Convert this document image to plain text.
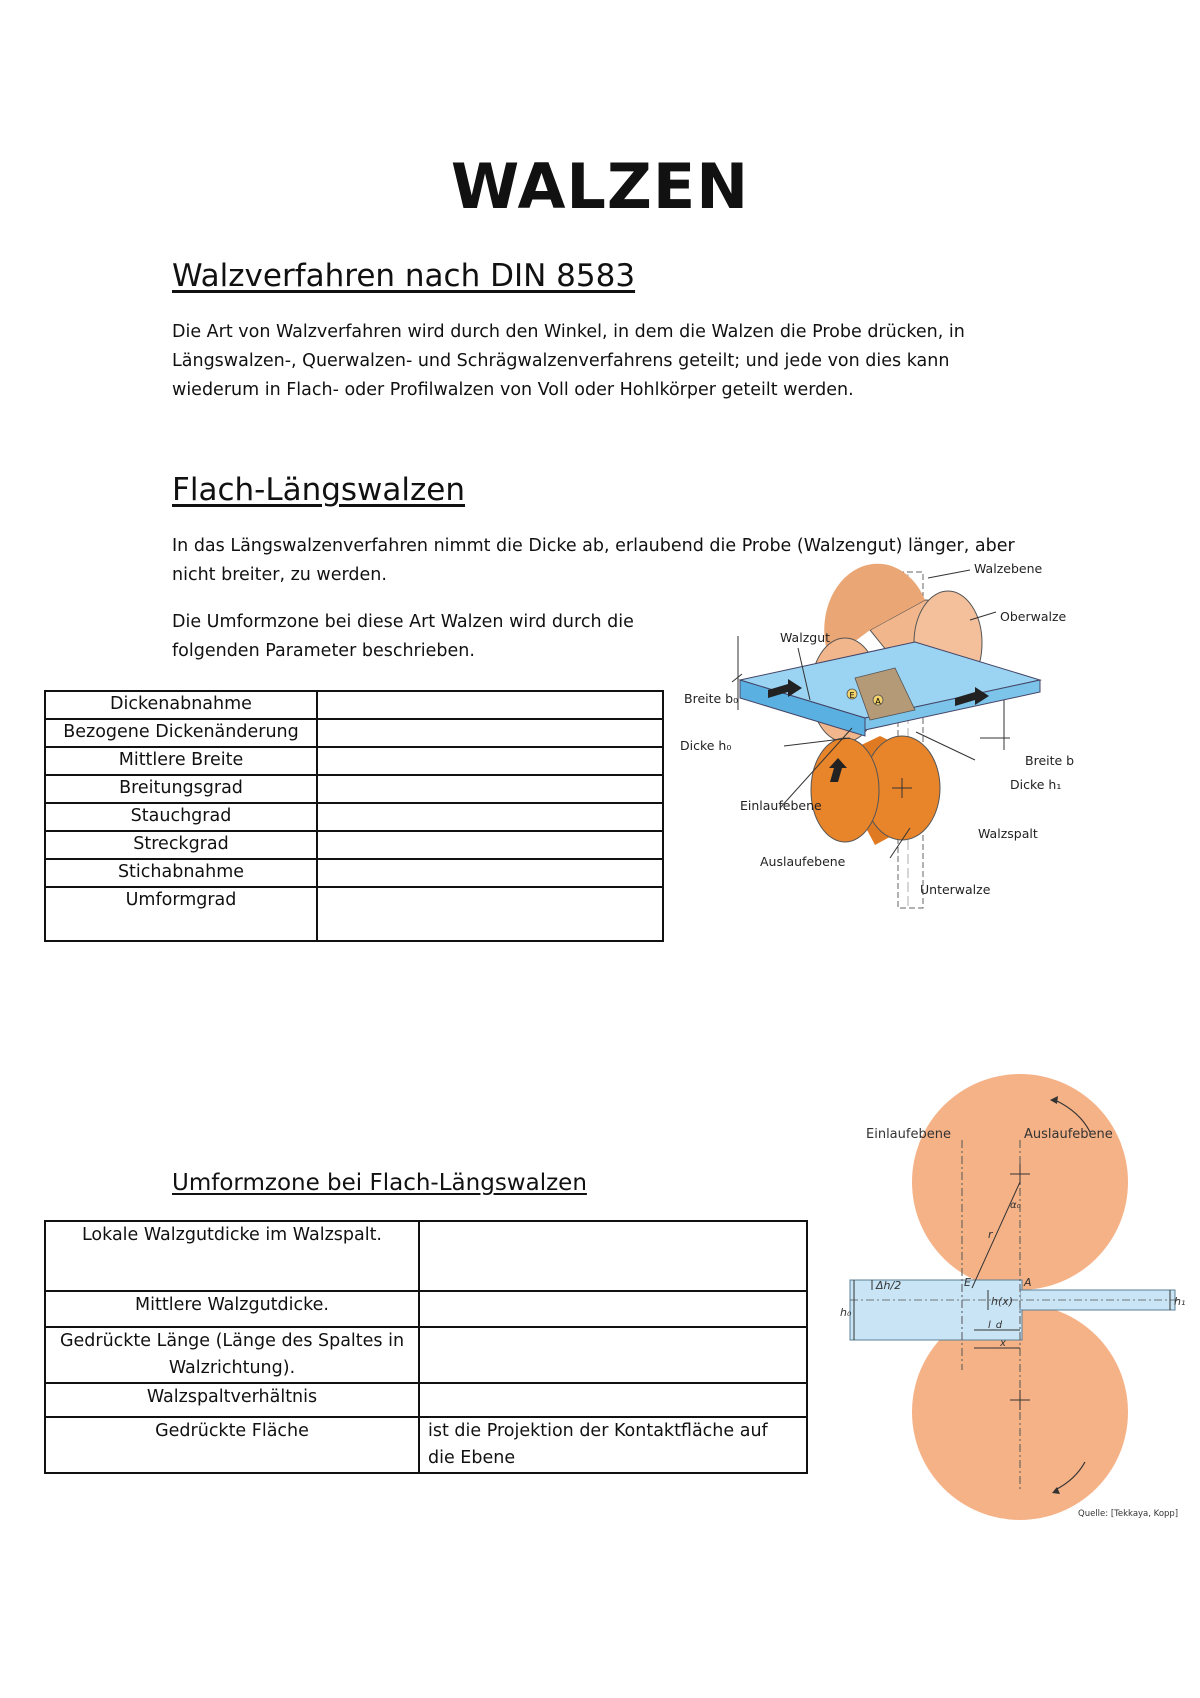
WALZEN
Walzverfahren nach DIN 8583

Die Art von Walzverfahren wird durch den Winkel, in dem die Walzen die Probe drücken, in

Längswalzen-, Querwalzen- und Schrägwalzenverfahrens geteilt; und jede von dies kann

wiederum in Flach- oder Profilwalzen von Voll oder Hohlkörper geteilt werden.

Flach-Längswalzen

In das Längswalzenverfahren nimmt die Dicke ab, erlaubend die Probe (Walzengut) länger, aber

nicht breiter, zu werden.

Die Umformzone bei diese Art Walzen wird durch die

folgenden Parameter beschrieben.

Dickenabnahme	
Bezogene Dickenänderung	
Mittlere Breite	
Breitungsgrad	
Stauchgrad	
Streckgrad	
Stichabnahme	
Umformgrad	
E
A
Walzebene
Oberwalze
Walzgut
Breite b₀
Dicke h₀
Breite b
Dicke h₁
Einlaufebene
Walzspalt
Auslaufebene
Unterwalze
Umformzone bei Flach-Längswalzen
Lokale Walzgutdicke im Walzspalt.	
Mittlere Walzgutdicke.	
Gedrückte Länge (Länge des Spaltes in Walzrichtung).	
Walzspaltverhältnis	
Gedrückte Fläche	ist die Projektion der Kontaktfläche auf die Ebene
Einlaufebene	Auslaufebene
r
α₀
E	A
Δh/2
h₀
h(x)	h₁
l_d
x
Quelle: [Tekkaya, Kopp]
